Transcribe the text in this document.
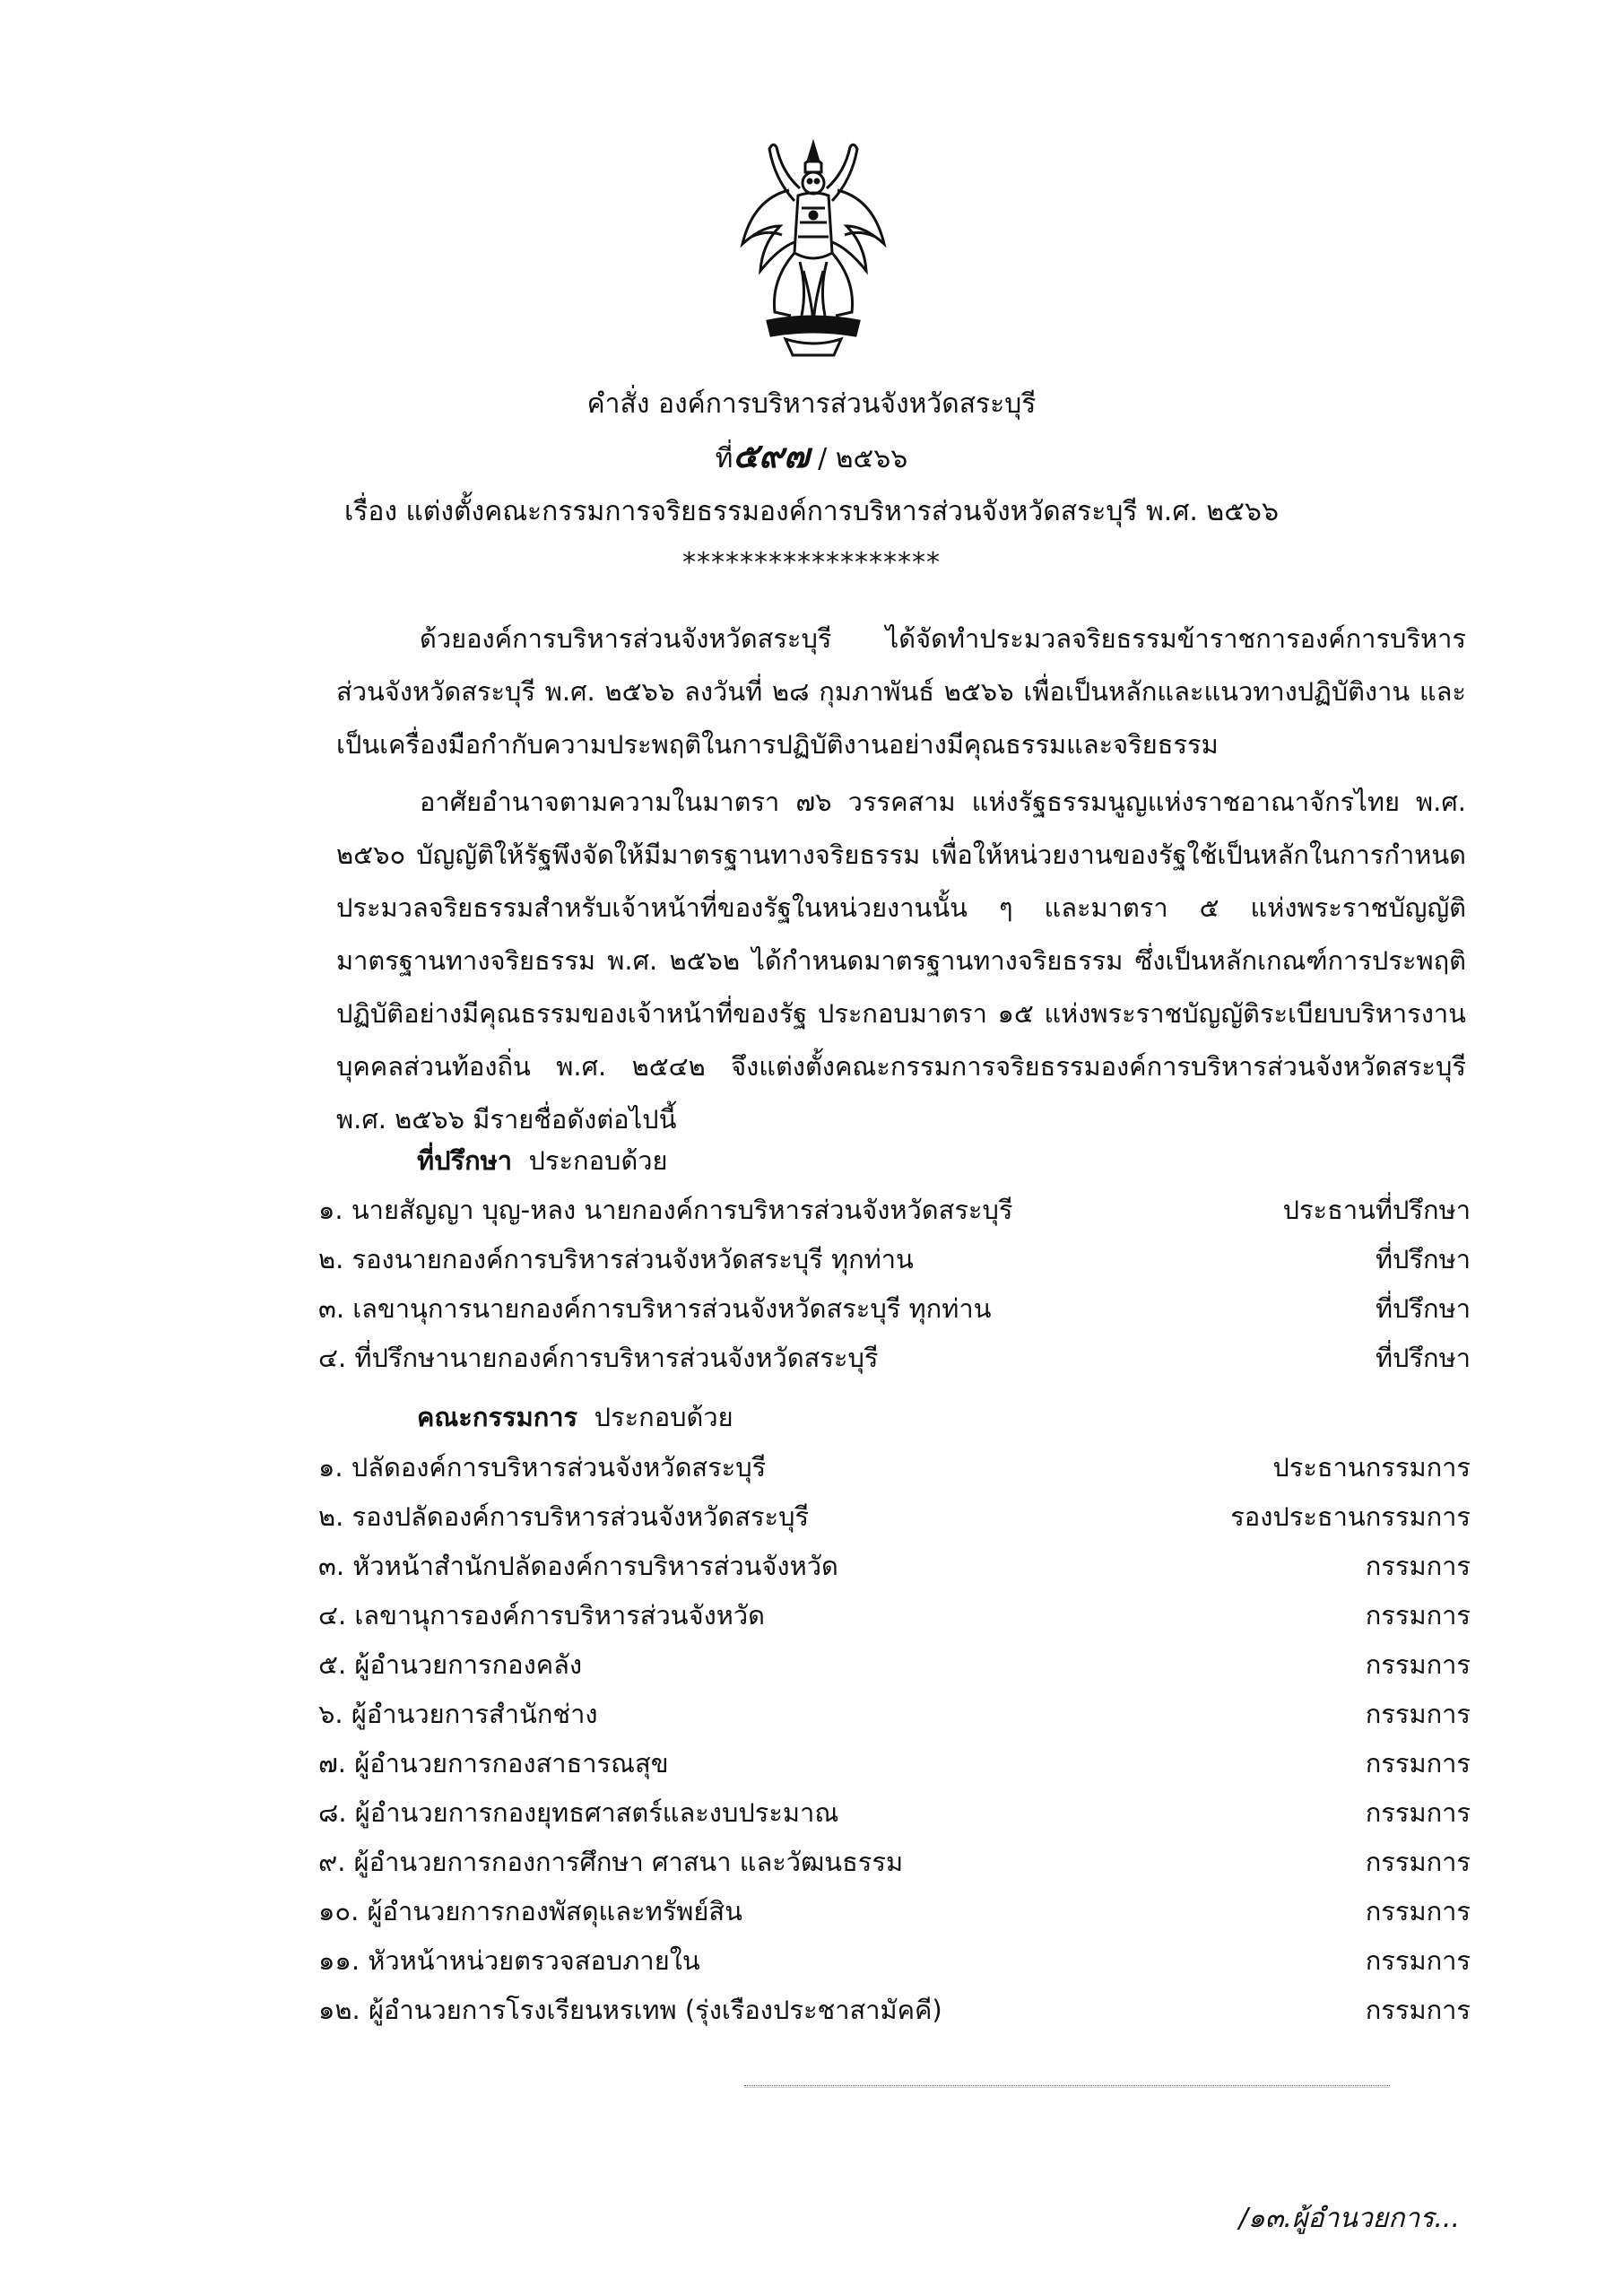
คำสั่ง องค์การบริหารส่วนจังหวัดสระบุรี
ที่๕๙๗ / ๒๕๖๖
เรื่อง แต่งตั้งคณะกรรมการจริยธรรมองค์การบริหารส่วนจังหวัดสระบุรี พ.ศ. ๒๕๖๖
******************
ด้วยองค์การบริหารส่วนจังหวัดสระบุรี ได้จัดทำประมวลจริยธรรมข้าราชการองค์การบริหารส่วนจังหวัดสระบุรี พ.ศ. ๒๕๖๖ ลงวันที่ ๒๘ กุมภาพันธ์ ๒๕๖๖ เพื่อเป็นหลักและแนวทางปฏิบัติงาน และเป็นเครื่องมือกำกับความประพฤติในการปฏิบัติงานอย่างมีคุณธรรมและจริยธรรม
อาศัยอำนาจตามความในมาตรา ๗๖ วรรคสาม แห่งรัฐธรรมนูญแห่งราชอาณาจักรไทย พ.ศ. ๒๕๖๐ บัญญัติให้รัฐพึงจัดให้มีมาตรฐานทางจริยธรรม เพื่อให้หน่วยงานของรัฐใช้เป็นหลักในการกำหนดประมวลจริยธรรมสำหรับเจ้าหน้าที่ของรัฐในหน่วยงานนั้น ๆ และมาตรา ๕ แห่งพระราชบัญญัติมาตรฐานทางจริยธรรม พ.ศ. ๒๕๖๒ ได้กำหนดมาตรฐานทางจริยธรรม ซึ่งเป็นหลักเกณฑ์การประพฤติปฏิบัติอย่างมีคุณธรรมของเจ้าหน้าที่ของรัฐ ประกอบมาตรา ๑๕ แห่งพระราชบัญญัติระเบียบบริหารงานบุคคลส่วนท้องถิ่น พ.ศ. ๒๕๔๒ จึงแต่งตั้งคณะกรรมการจริยธรรมองค์การบริหารส่วนจังหวัดสระบุรี พ.ศ. ๒๕๖๖ มีรายชื่อดังต่อไปนี้
ที่ปรึกษา ประกอบด้วย
๑. นายสัญญา บุญ-หลง นายกองค์การบริหารส่วนจังหวัดสระบุรี	ประธานที่ปรึกษา
๒. รองนายกองค์การบริหารส่วนจังหวัดสระบุรี ทุกท่าน	ที่ปรึกษา
๓. เลขานุการนายกองค์การบริหารส่วนจังหวัดสระบุรี ทุกท่าน	ที่ปรึกษา
๔. ที่ปรึกษานายกองค์การบริหารส่วนจังหวัดสระบุรี	ที่ปรึกษา
คณะกรรมการ ประกอบด้วย
๑. ปลัดองค์การบริหารส่วนจังหวัดสระบุรี	ประธานกรรมการ
๒. รองปลัดองค์การบริหารส่วนจังหวัดสระบุรี	รองประธานกรรมการ
๓. หัวหน้าสำนักปลัดองค์การบริหารส่วนจังหวัด	กรรมการ
๔. เลขานุการองค์การบริหารส่วนจังหวัด	กรรมการ
๕. ผู้อำนวยการกองคลัง	กรรมการ
๖. ผู้อำนวยการสำนักช่าง	กรรมการ
๗. ผู้อำนวยการกองสาธารณสุข	กรรมการ
๘. ผู้อำนวยการกองยุทธศาสตร์และงบประมาณ	กรรมการ
๙. ผู้อำนวยการกองการศึกษา ศาสนา และวัฒนธรรม	กรรมการ
๑๐. ผู้อำนวยการกองพัสดุและทรัพย์สิน	กรรมการ
๑๑. หัวหน้าหน่วยตรวจสอบภายใน	กรรมการ
๑๒. ผู้อำนวยการโรงเรียนหรเทพ (รุ่งเรืองประชาสามัคคี)	กรรมการ
/๑๓.ผู้อำนวยการ...
